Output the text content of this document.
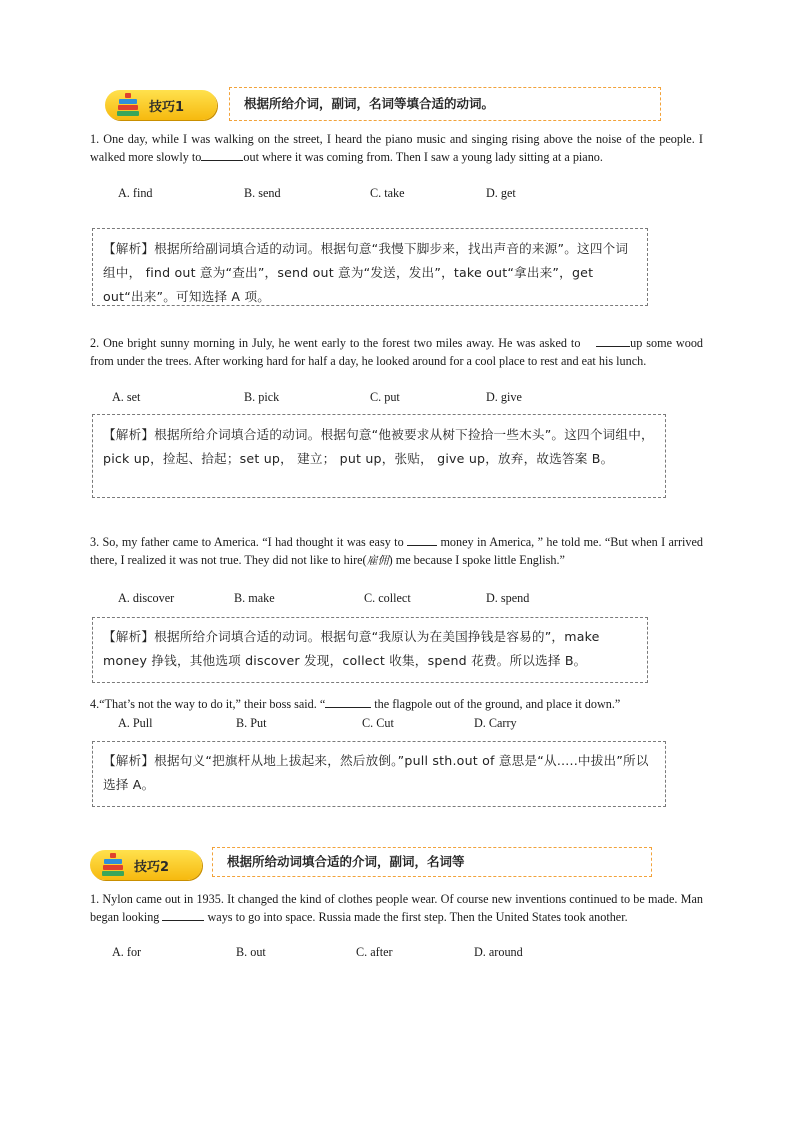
技巧1	根据所给介词，副词，名词等填合适的动词。
1. One day, while I was walking on the street, I heard the piano music and singing rising above the noise of the people. I walked more slowly to	out where it was coming from. Then I saw a young lady sitting at a piano.
A. find	B. send	C. take	D. get
【解析】根据所给副词填合适的动词。根据句意“我慢下脚步来，找出声音的来源”。这四个词组中， find out 意为“查出”，send out 意为“发送，发出”，take out“拿出来”，get out“出来”。可知选择 A 项。
2. One bright sunny morning in July, he went early to the forest two miles away. He was asked to	up some wood from under the trees. After working hard for half a day, he looked around for a cool place to rest and eat his lunch.
A. set	B. pick	C. put	D. give
【解析】根据所给介词填合适的动词。根据句意“他被要求从树下捡拾一些木头”。这四个词组中，pick up，捡起、拾起；set up， 建立； put up，张贴， give up，放弃，故选答案 B。
3. So, my father came to America. “I had thought it was easy to	money in America, ” he told me. “But when I arrived there, I realized it was not true. They did not like to hire(雇佣) me because I spoke little English.”
A. discover	B. make	C. collect	D. spend
【解析】根据所给介词填合适的动词。根据句意“我原认为在美国挣钱是容易的”，make money 挣钱，其他选项 discover 发现，collect 收集，spend 花费。所以选择 B。
4.“That’s not the way to do it,” their boss said. “	the flagpole out of the ground, and place it down.”
A. Pull	B. Put	C. Cut	D. Carry
【解析】根据句义“把旗杆从地上拔起来，然后放倒。”pull sth.out of 意思是“从…..中拔出”所以选择 A。
技巧2	根据所给动词填合适的介词，副词，名词等
1. Nylon came out in 1935. It changed the kind of clothes people wear. Of course new inventions continued to be made. Man began looking	ways to go into space. Russia made the first step. Then the United States took another.
A. for	B. out	C. after	D. around
